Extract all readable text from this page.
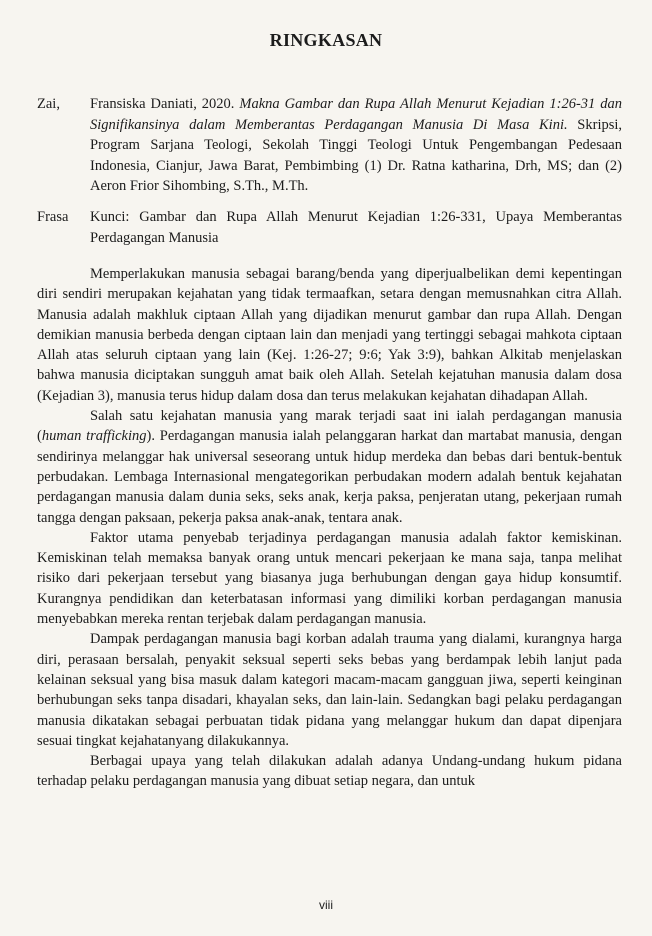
RINGKASAN
Zai, Fransiska Daniati, 2020. Makna Gambar dan Rupa Allah Menurut Kejadian 1:26-31 dan Signifikansinya dalam Memberantas Perdagangan Manusia Di Masa Kini. Skripsi, Program Sarjana Teologi, Sekolah Tinggi Teologi Untuk Pengembangan Pedesaan Indonesia, Cianjur, Jawa Barat, Pembimbing (1) Dr. Ratna katharina, Drh, MS; dan (2) Aeron Frior Sihombing, S.Th., M.Th.
Frasa Kunci: Gambar dan Rupa Allah Menurut Kejadian 1:26-331, Upaya Memberantas Perdagangan Manusia

Memperlakukan manusia sebagai barang/benda yang diperjualbelikan demi kepentingan diri sendiri merupakan kejahatan yang tidak termaafkan, setara dengan memusnahkan citra Allah. Manusia adalah makhluk ciptaan Allah yang dijadikan menurut gambar dan rupa Allah. Dengan demikian manusia berbeda dengan ciptaan lain dan menjadi yang tertinggi sebagai mahkota ciptaan Allah atas seluruh ciptaan yang lain (Kej. 1:26-27; 9:6; Yak 3:9), bahkan Alkitab menjelaskan bahwa manusia diciptakan sungguh amat baik oleh Allah. Setelah kejatuhan manusia dalam dosa (Kejadian 3), manusia terus hidup dalam dosa dan terus melakukan kejahatan dihadapan Allah.

Salah satu kejahatan manusia yang marak terjadi saat ini ialah perdagangan manusia (human trafficking). Perdagangan manusia ialah pelanggaran harkat dan martabat manusia, dengan sendirinya melanggar hak universal seseorang untuk hidup merdeka dan bebas dari bentuk-bentuk perbudakan. Lembaga Internasional mengategorikan perbudakan modern adalah bentuk kejahatan perdagangan manusia dalam dunia seks, seks anak, kerja paksa, penjeratan utang, pekerjaan rumah tangga dengan paksaan, pekerja paksa anak-anak, tentara anak.

Faktor utama penyebab terjadinya perdagangan manusia adalah faktor kemiskinan. Kemiskinan telah memaksa banyak orang untuk mencari pekerjaan ke mana saja, tanpa melihat risiko dari pekerjaan tersebut yang biasanya juga berhubungan dengan gaya hidup konsumtif. Kurangnya pendidikan dan keterbatasan informasi yang dimiliki korban perdagangan manusia menyebabkan mereka rentan terjebak dalam perdagangan manusia.

Dampak perdagangan manusia bagi korban adalah trauma yang dialami, kurangnya harga diri, perasaan bersalah, penyakit seksual seperti seks bebas yang berdampak lebih lanjut pada kelainan seksual yang bisa masuk dalam kategori macam-macam gangguan jiwa, seperti keinginan berhubungan seks tanpa disadari, khayalan seks, dan lain-lain. Sedangkan bagi pelaku perdagangan manusia dikatakan sebagai perbuatan tidak pidana yang melanggar hukum dan dapat dipenjara sesuai tingkat kejahatanyang dilakukannya.

Berbagai upaya yang telah dilakukan adalah adanya Undang-undang hukum pidana terhadap pelaku perdagangan manusia yang dibuat setiap negara, dan untuk

viii
